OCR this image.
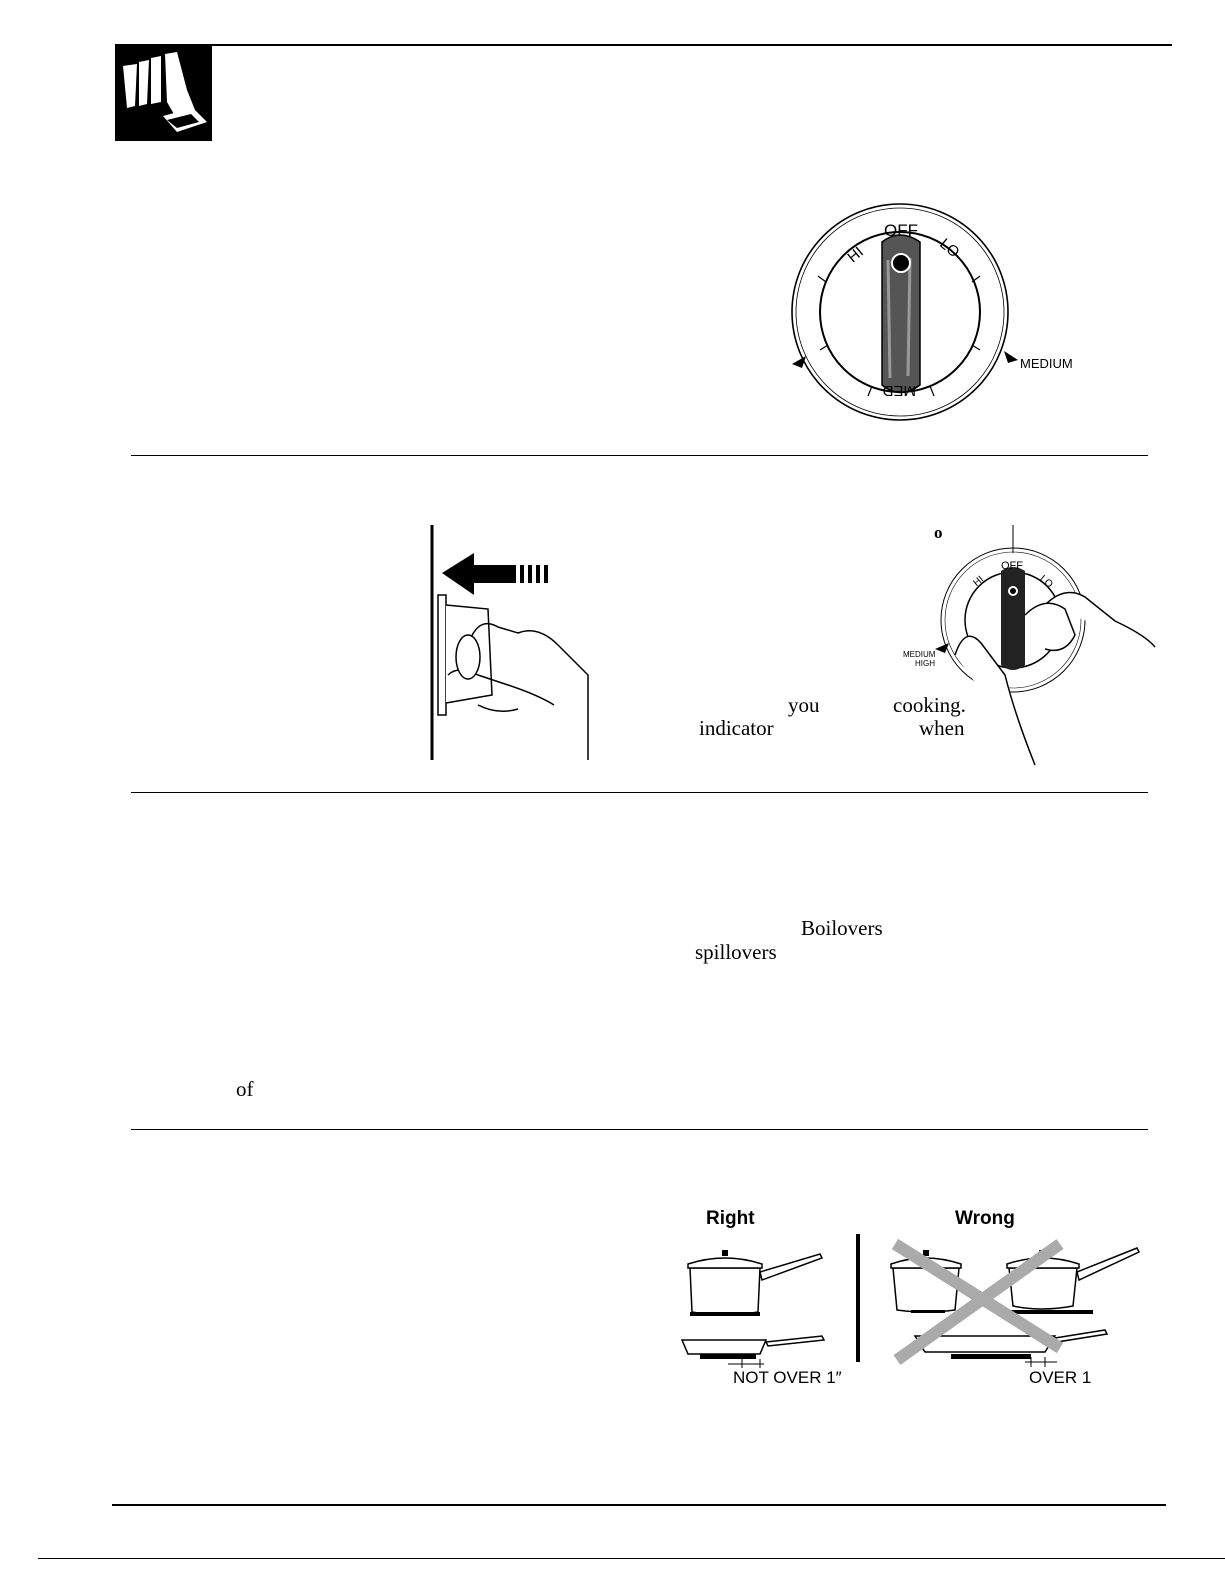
OFF
HI	LO
MED
MEDIUM
OFF
HI	LO
MEDIUM
HIGH
o
you	cooking.
indicator	when
Boilovers
spillovers
of
Right	Wrong
NOT OVER 1″	OVER 1
